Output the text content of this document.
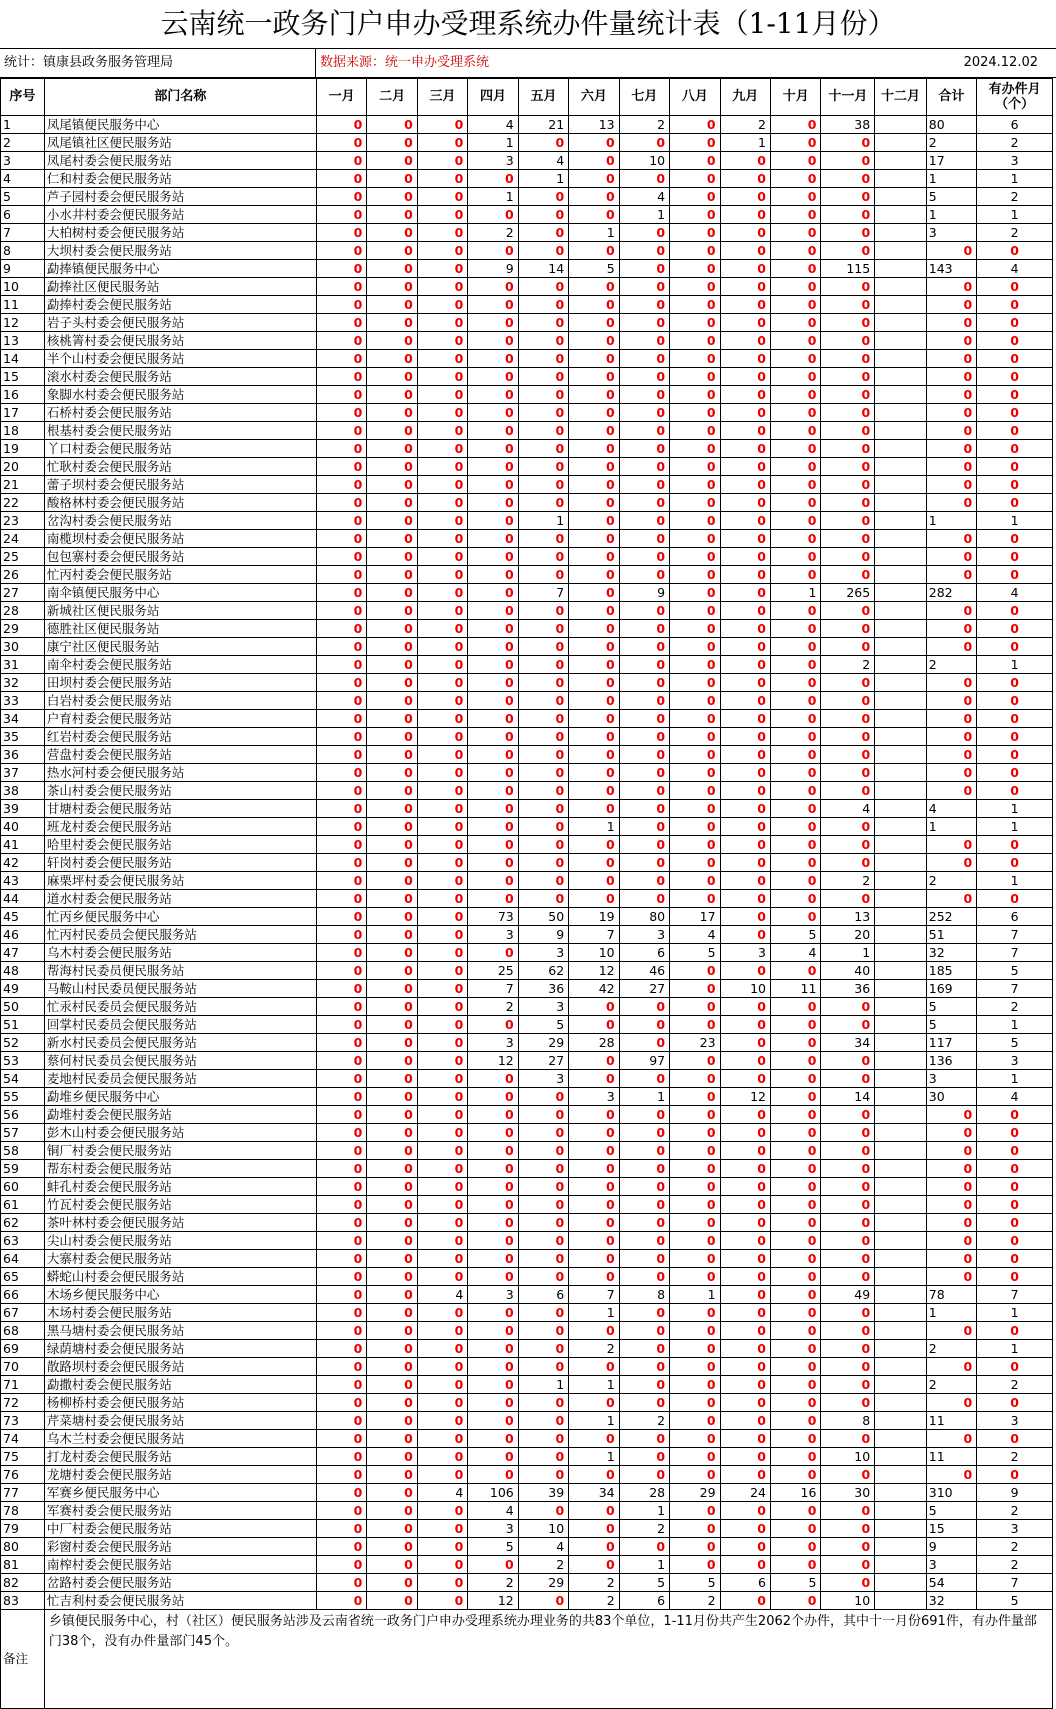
云南统一政务门户申办受理系统办件量统计表（1-11月份）
统计：镇康县政务服务管理局	数据来源：统一申办受理系统	2024.12.02
序号	部门名称	一月	二月	三月	四月	五月	六月	七月	八月	九月	十月	十一月	十二月	合计	有办件月（个）
1	凤尾镇便民服务中心	0	0	0	4	21	13	2	0	2	0	38		80	6
2	凤尾镇社区便民服务站	0	0	0	1	0	0	0	0	1	0	0		2	2
3	凤尾村委会便民服务站	0	0	0	3	4	0	10	0	0	0	0		17	3
4	仁和村委会便民服务站	0	0	0	0	1	0	0	0	0	0	0		1	1
5	芦子园村委会便民服务站	0	0	0	1	0	0	4	0	0	0	0		5	2
6	小水井村委会便民服务站	0	0	0	0	0	0	1	0	0	0	0		1	1
7	大柏树村委会便民服务站	0	0	0	2	0	1	0	0	0	0	0		3	2
8	大坝村委会便民服务站	0	0	0	0	0	0	0	0	0	0	0		0	0
9	勐捧镇便民服务中心	0	0	0	9	14	5	0	0	0	0	115		143	4
10	勐捧社区便民服务站	0	0	0	0	0	0	0	0	0	0	0		0	0
11	勐捧村委会便民服务站	0	0	0	0	0	0	0	0	0	0	0		0	0
12	岩子头村委会便民服务站	0	0	0	0	0	0	0	0	0	0	0		0	0
13	核桃箐村委会便民服务站	0	0	0	0	0	0	0	0	0	0	0		0	0
14	半个山村委会便民服务站	0	0	0	0	0	0	0	0	0	0	0		0	0
15	滚水村委会便民服务站	0	0	0	0	0	0	0	0	0	0	0		0	0
16	象脚水村委会便民服务站	0	0	0	0	0	0	0	0	0	0	0		0	0
17	石桥村委会便民服务站	0	0	0	0	0	0	0	0	0	0	0		0	0
18	根基村委会便民服务站	0	0	0	0	0	0	0	0	0	0	0		0	0
19	丫口村委会便民服务站	0	0	0	0	0	0	0	0	0	0	0		0	0
20	忙耿村委会便民服务站	0	0	0	0	0	0	0	0	0	0	0		0	0
21	蕾子坝村委会便民服务站	0	0	0	0	0	0	0	0	0	0	0		0	0
22	酸格林村委会便民服务站	0	0	0	0	0	0	0	0	0	0	0		0	0
23	岔沟村委会便民服务站	0	0	0	0	1	0	0	0	0	0	0		1	1
24	南榄坝村委会便民服务站	0	0	0	0	0	0	0	0	0	0	0		0	0
25	包包寨村委会便民服务站	0	0	0	0	0	0	0	0	0	0	0		0	0
26	忙丙村委会便民服务站	0	0	0	0	0	0	0	0	0	0	0		0	0
27	南伞镇便民服务中心	0	0	0	0	7	0	9	0	0	1	265		282	4
28	新城社区便民服务站	0	0	0	0	0	0	0	0	0	0	0		0	0
29	德胜社区便民服务站	0	0	0	0	0	0	0	0	0	0	0		0	0
30	康宁社区便民服务站	0	0	0	0	0	0	0	0	0	0	0		0	0
31	南伞村委会便民服务站	0	0	0	0	0	0	0	0	0	0	2		2	1
32	田坝村委会便民服务站	0	0	0	0	0	0	0	0	0	0	0		0	0
33	白岩村委会便民服务站	0	0	0	0	0	0	0	0	0	0	0		0	0
34	户育村委会便民服务站	0	0	0	0	0	0	0	0	0	0	0		0	0
35	红岩村委会便民服务站	0	0	0	0	0	0	0	0	0	0	0		0	0
36	营盘村委会便民服务站	0	0	0	0	0	0	0	0	0	0	0		0	0
37	热水河村委会便民服务站	0	0	0	0	0	0	0	0	0	0	0		0	0
38	茶山村委会便民服务站	0	0	0	0	0	0	0	0	0	0	0		0	0
39	甘塘村委会便民服务站	0	0	0	0	0	0	0	0	0	0	4		4	1
40	班龙村委会便民服务站	0	0	0	0	0	1	0	0	0	0	0		1	1
41	哈里村委会便民服务站	0	0	0	0	0	0	0	0	0	0	0		0	0
42	轩岗村委会便民服务站	0	0	0	0	0	0	0	0	0	0	0		0	0
43	麻栗坪村委会便民服务站	0	0	0	0	0	0	0	0	0	0	2		2	1
44	道水村委会便民服务站	0	0	0	0	0	0	0	0	0	0	0		0	0
45	忙丙乡便民服务中心	0	0	0	73	50	19	80	17	0	0	13		252	6
46	忙丙村民委员会便民服务站	0	0	0	3	9	7	3	4	0	5	20		51	7
47	乌木村委会便民服务站	0	0	0	0	3	10	6	5	3	4	1		32	7
48	帮海村民委员便民服务站	0	0	0	25	62	12	46	0	0	0	40		185	5
49	马鞍山村民委员便民服务站	0	0	0	7	36	42	27	0	10	11	36		169	7
50	忙汞村民委员会便民服务站	0	0	0	2	3	0	0	0	0	0	0		5	2
51	回掌村民委员会便民服务站	0	0	0	0	5	0	0	0	0	0	0		5	1
52	新水村民委员会便民服务站	0	0	0	3	29	28	0	23	0	0	34		117	5
53	蔡何村民委员会便民服务站	0	0	0	12	27	0	97	0	0	0	0		136	3
54	麦地村民委员会便民服务站	0	0	0	0	3	0	0	0	0	0	0		3	1
55	勐堆乡便民服务中心	0	0	0	0	0	3	1	0	12	0	14		30	4
56	勐堆村委会便民服务站	0	0	0	0	0	0	0	0	0	0	0		0	0
57	彭木山村委会便民服务站	0	0	0	0	0	0	0	0	0	0	0		0	0
58	铜厂村委会便民服务站	0	0	0	0	0	0	0	0	0	0	0		0	0
59	帮东村委会便民服务站	0	0	0	0	0	0	0	0	0	0	0		0	0
60	蚌孔村委会便民服务站	0	0	0	0	0	0	0	0	0	0	0		0	0
61	竹瓦村委会便民服务站	0	0	0	0	0	0	0	0	0	0	0		0	0
62	茶叶林村委会便民服务站	0	0	0	0	0	0	0	0	0	0	0		0	0
63	尖山村委会便民服务站	0	0	0	0	0	0	0	0	0	0	0		0	0
64	大寨村委会便民服务站	0	0	0	0	0	0	0	0	0	0	0		0	0
65	蟒蛇山村委会便民服务站	0	0	0	0	0	0	0	0	0	0	0		0	0
66	木场乡便民服务中心	0	0	4	3	6	7	8	1	0	0	49		78	7
67	木场村委会便民服务站	0	0	0	0	0	1	0	0	0	0	0		1	1
68	黑马塘村委会便民服务站	0	0	0	0	0	0	0	0	0	0	0		0	0
69	绿荫塘村委会便民服务站	0	0	0	0	0	2	0	0	0	0	0		2	1
70	散路坝村委会便民服务站	0	0	0	0	0	0	0	0	0	0	0		0	0
71	勐撒村委会便民服务站	0	0	0	0	1	1	0	0	0	0	0		2	2
72	杨柳桥村委会便民服务站	0	0	0	0	0	0	0	0	0	0	0		0	0
73	芹菜塘村委会便民服务站	0	0	0	0	0	1	2	0	0	0	8		11	3
74	乌木兰村委会便民服务站	0	0	0	0	0	0	0	0	0	0	0		0	0
75	打龙村委会便民服务站	0	0	0	0	0	1	0	0	0	0	10		11	2
76	龙塘村委会便民服务站	0	0	0	0	0	0	0	0	0	0	0		0	0
77	军赛乡便民服务中心	0	0	4	106	39	34	28	29	24	16	30		310	9
78	军赛村委会便民服务站	0	0	0	4	0	0	1	0	0	0	0		5	2
79	中厂村委会便民服务站	0	0	0	3	10	0	2	0	0	0	0		15	3
80	彩窗村委会便民服务站	0	0	0	5	4	0	0	0	0	0	0		9	2
81	南榨村委会便民服务站	0	0	0	0	2	0	1	0	0	0	0		3	2
82	岔路村委会便民服务站	0	0	0	2	29	2	5	5	6	5	0		54	7
83	忙吉利村委会便民服务站	0	0	0	12	0	2	6	2	0	0	10		32	5
备注	乡镇便民服务中心，村（社区）便民服务站涉及云南省统一政务门户申办受理系统办理业务的共83个单位，1-11月份共产生2062个办件，其中十一月份691件，有办件量部门38个，没有办件量部门45个。														
